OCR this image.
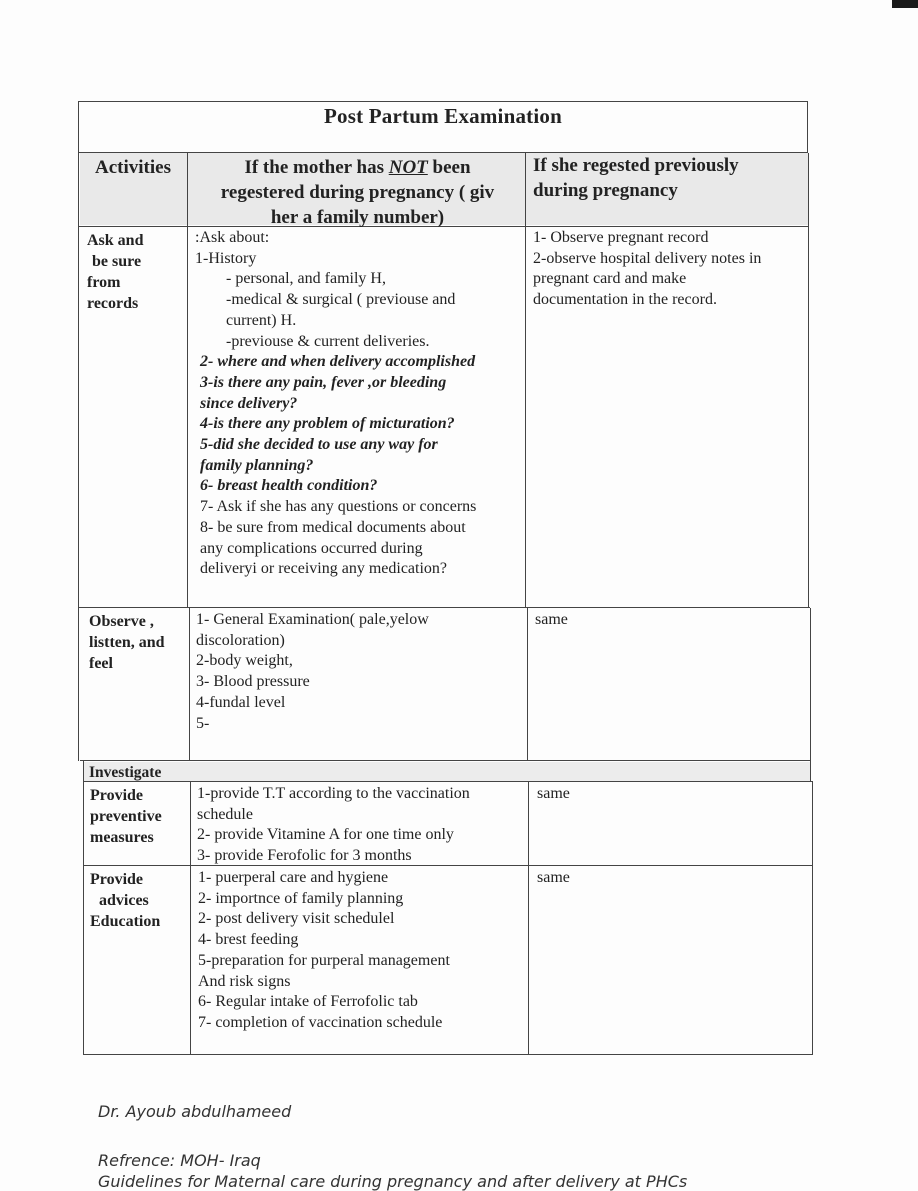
Post Partum Examination
Activities	If the mother has NOT been
regestered during pregnancy ( giv
her a family number)
If she regested previously
during pregnancy
Ask and
be sure
from
records
:Ask about:
1-History
- personal, and family H,
-medical & surgical ( previouse and
current) H.
-previouse & current deliveries.
2- where and when delivery accomplished
3-is there any pain, fever ,or bleeding
since delivery?
4-is there any problem of micturation?
5-did she decided to use any way for
family planning?
6- breast health condition?
7- Ask if she has any questions or concerns
8- be sure from medical documents about
any complications occurred during
deliveryi or receiving any medication?
1- Observe pregnant record
2-observe hospital delivery notes in
pregnant card and make
documentation in the record.
Observe ,
listten, and
feel
1- General Examination( pale,yelow
discoloration)
2-body weight,
3- Blood pressure
4-fundal level
5-
same
Investigate
Provide
preventive
measures
1-provide T.T according to the vaccination
schedule
2- provide Vitamine A for one time only
3- provide Ferofolic for 3 months
same
Provide
advices
Education
1- puerperal care and hygiene
2- importnce of family planning
2- post delivery visit schedulel
4- brest feeding
5-preparation for purperal management
And risk signs
6- Regular intake of Ferrofolic tab
7- completion of vaccination schedule
same
Dr. Ayoub abdulhameed
Refrence: MOH- Iraq
Guidelines for Maternal care during pregnancy and after delivery at PHCs
